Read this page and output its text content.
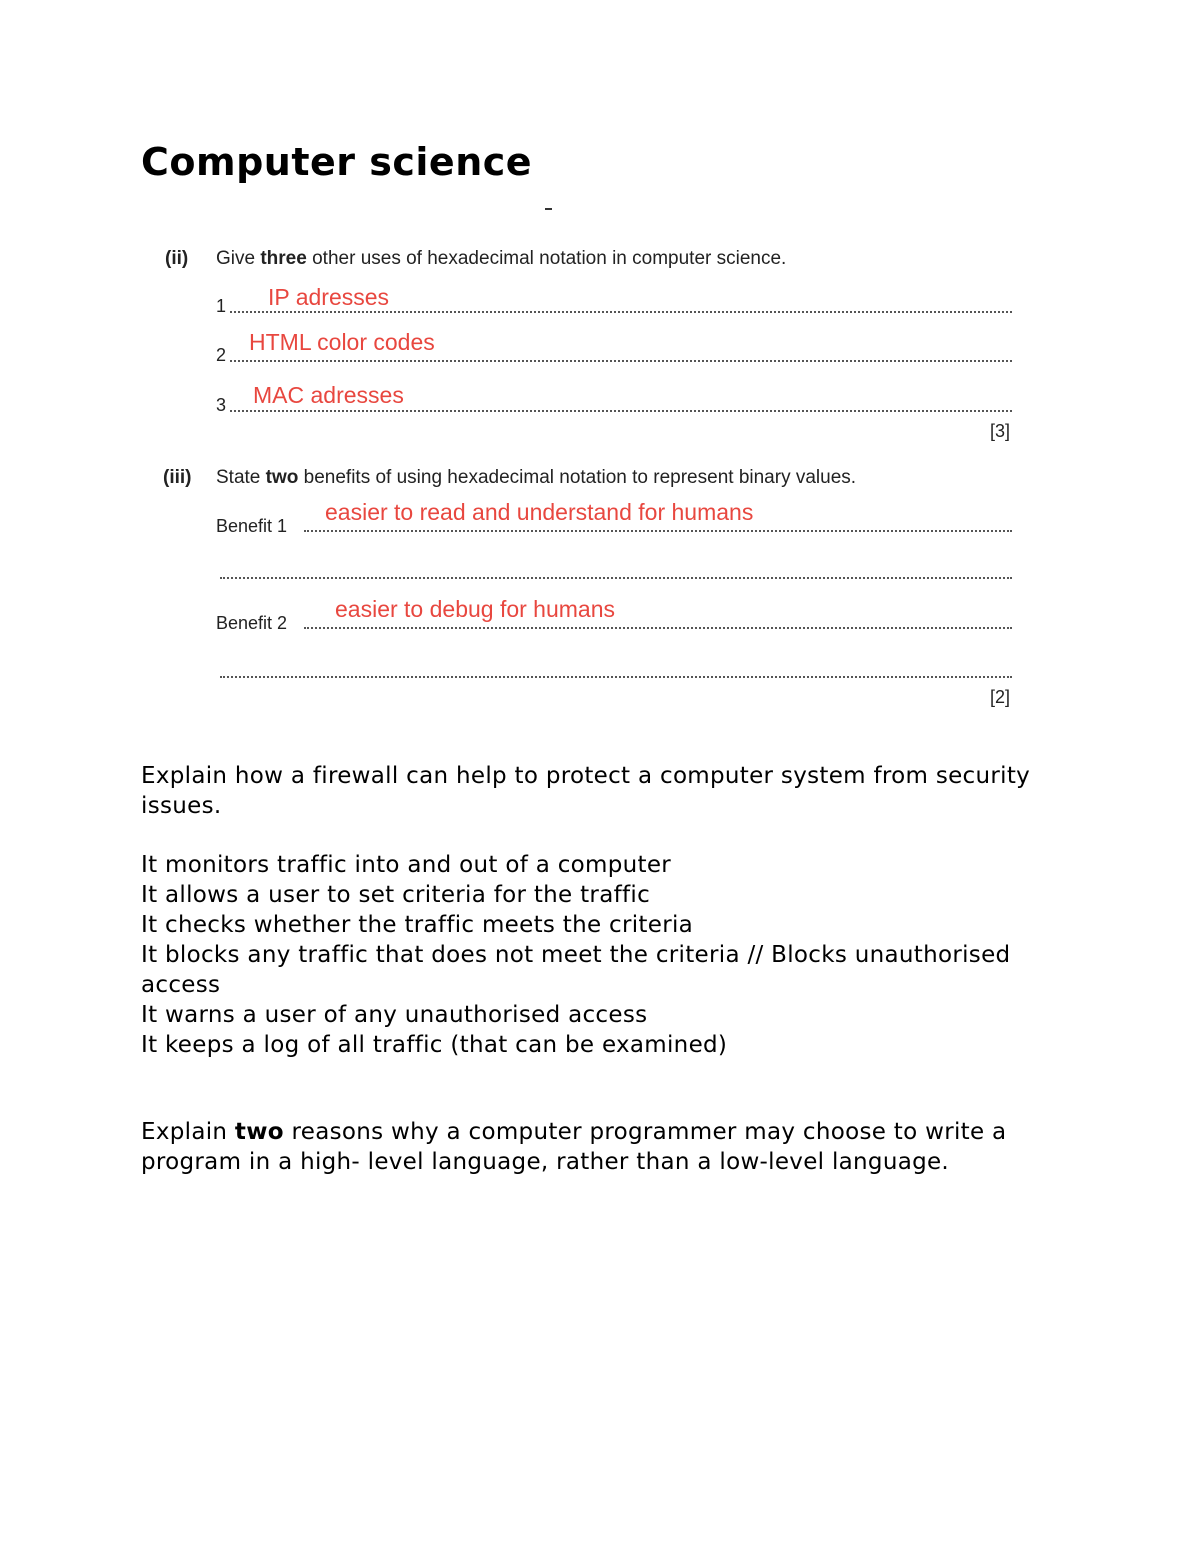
Computer science
(ii) Give three other uses of hexadecimal notation in computer science.
1 IP adresses
2 HTML color codes
3 MAC adresses
[3]
(iii) State two benefits of using hexadecimal notation to represent binary values.
Benefit 1
easier to read and understand for humans
Benefit 2
easier to debug for humans
[2]
Explain how a firewall can help to protect a computer system from security issues.
It monitors traffic into and out of a computer
It allows a user to set criteria for the traffic
It checks whether the traffic meets the criteria
It blocks any traffic that does not meet the criteria // Blocks unauthorised access
It warns a user of any unauthorised access
It keeps a log of all traffic (that can be examined)
Explain two reasons why a computer programmer may choose to write a program in a high- level language, rather than a low-level language.
